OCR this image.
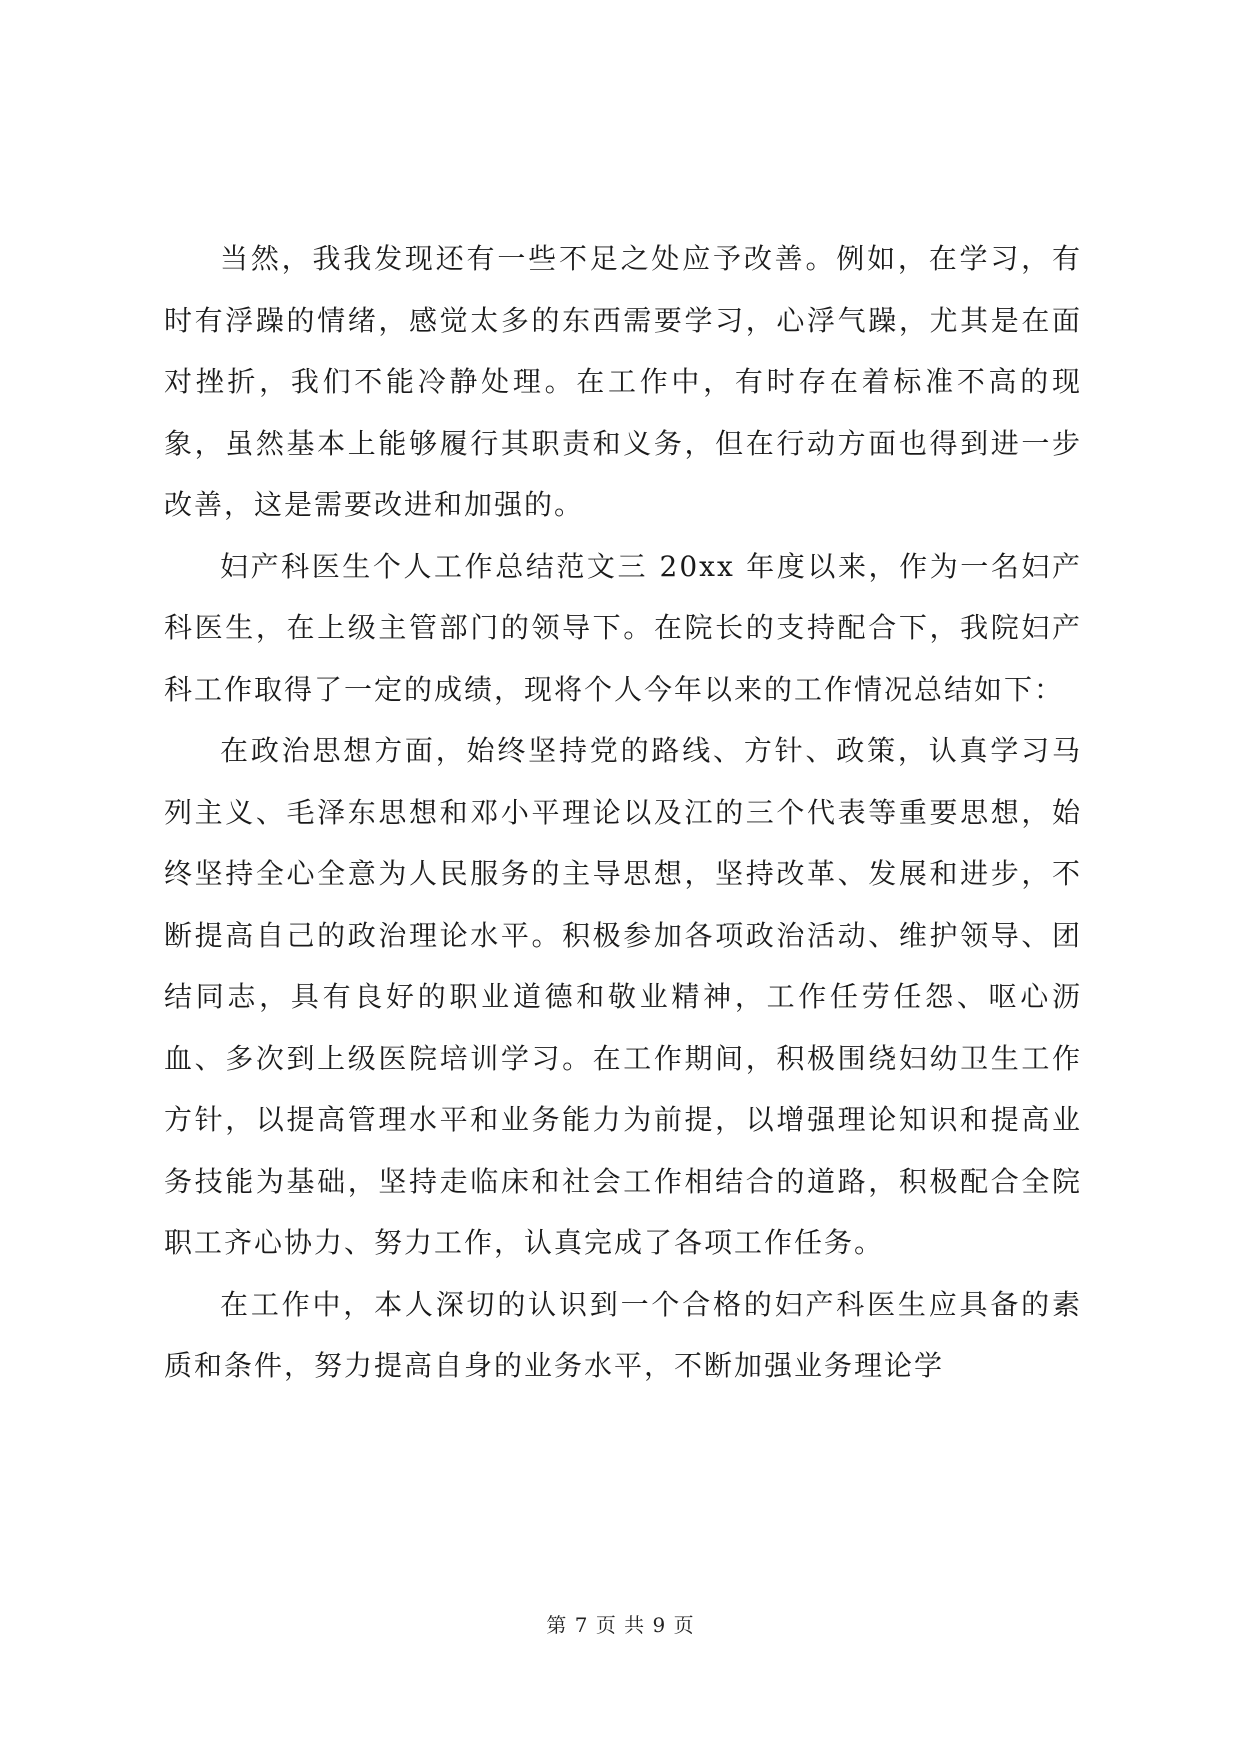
当然，我我发现还有一些不足之处应予改善。例如，在学习，有时有浮躁的情绪，感觉太多的东西需要学习，心浮气躁，尤其是在面对挫折，我们不能冷静处理。在工作中，有时存在着标准不高的现象，虽然基本上能够履行其职责和义务，但在行动方面也得到进一步改善，这是需要改进和加强的。

妇产科医生个人工作总结范文三 20xx 年度以来，作为一名妇产科医生，在上级主管部门的领导下。在院长的支持配合下，我院妇产科工作取得了一定的成绩，现将个人今年以来的工作情况总结如下：

在政治思想方面，始终坚持党的路线、方针、政策，认真学习马列主义、毛泽东思想和邓小平理论以及江的三个代表等重要思想，始终坚持全心全意为人民服务的主导思想，坚持改革、发展和进步，不断提高自己的政治理论水平。积极参加各项政治活动、维护领导、团结同志，具有良好的职业道德和敬业精神，工作任劳任怨、呕心沥血、多次到上级医院培训学习。在工作期间，积极围绕妇幼卫生工作方针，以提高管理水平和业务能力为前提，以增强理论知识和提高业务技能为基础，坚持走临床和社会工作相结合的道路，积极配合全院职工齐心协力、努力工作，认真完成了各项工作任务。

在工作中，本人深切的认识到一个合格的妇产科医生应具备的素质和条件，努力提高自身的业务水平，不断加强业务理论学

第 7 页 共 9 页
